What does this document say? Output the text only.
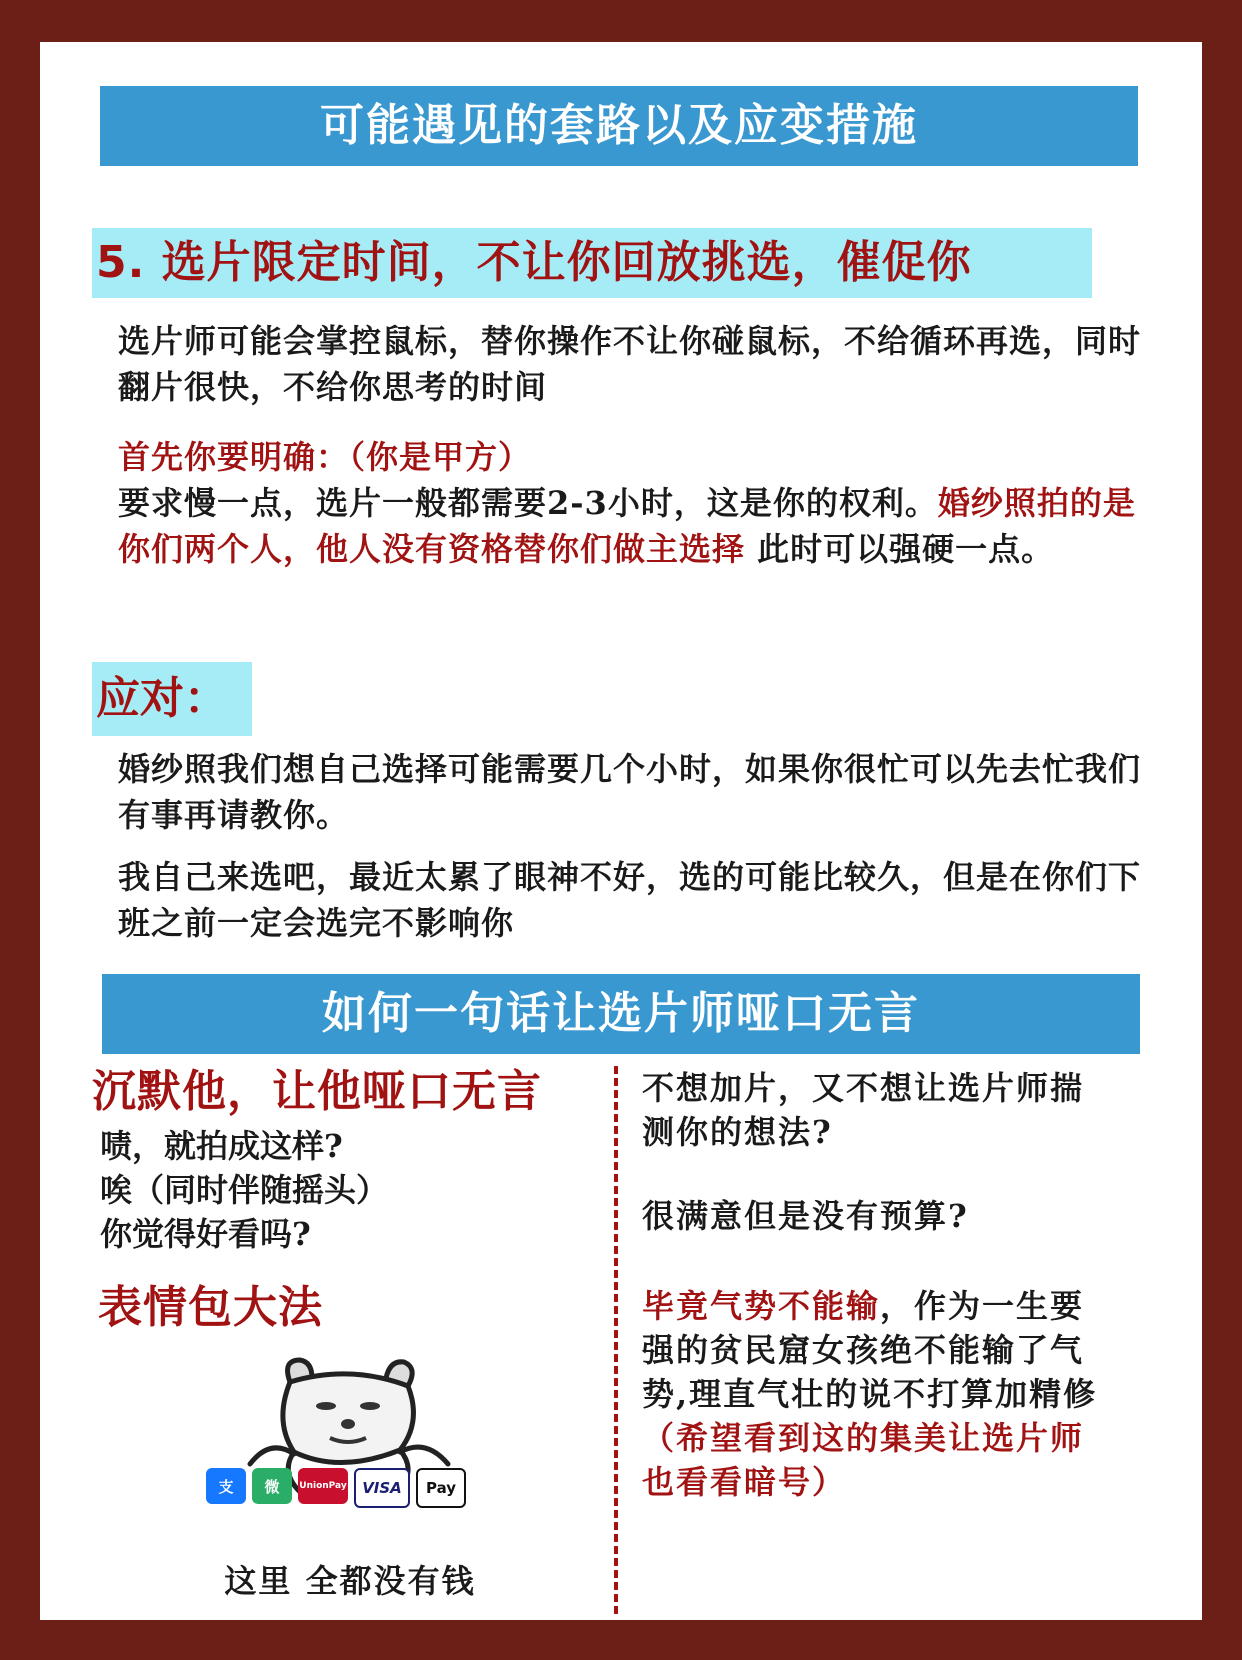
可能遇见的套路以及应变措施
5. 选片限定时间，不让你回放挑选，催促你
选片师可能会掌控鼠标，替你操作不让你碰鼠标，不给循环再选，同时翻片很快，不给你思考的时间
首先你要明确：（你是甲方）
要求慢一点，选片一般都需要2-3小时，这是你的权利。婚纱照拍的是你们两个人，他人没有资格替你们做主选择 此时可以强硬一点。
应对：
婚纱照我们想自己选择可能需要几个小时，如果你很忙可以先去忙我们有事再请教你。
我自己来选吧，最近太累了眼神不好，选的可能比较久，但是在你们下班之前一定会选完不影响你
如何一句话让选片师哑口无言
沉默他，让他哑口无言
啧，就拍成这样?
唉（同时伴随摇头）
你觉得好看吗?
表情包大法
支	微	UnionPay	VISA	Pay
这里 全都没有钱
不想加片，又不想让选片师揣测你的想法?
很满意但是没有预算?
毕竟气势不能输，作为一生要强的贫民窟女孩绝不能输了气势,理直气壮的说不打算加精修
（希望看到这的集美让选片师也看看暗号）
